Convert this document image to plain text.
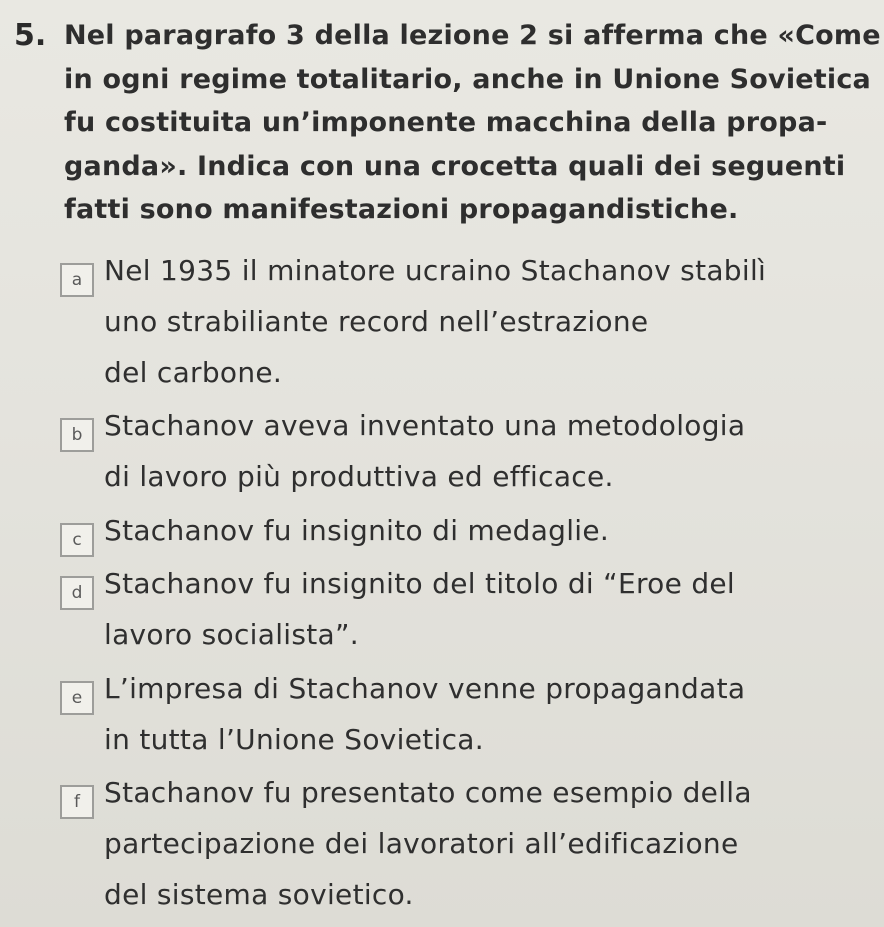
5. Nel paragrafo 3 della lezione 2 si afferma che «Come
in ogni regime totalitario, anche in Unione Sovietica
fu costituita un’imponente macchina della propa-
ganda». Indica con una crocetta quali dei seguenti
fatti sono manifestazioni propagandistiche.
a Nel 1935 il minatore ucraino Stachanov stabilì
uno strabiliante record nell’estrazione
del carbone.
b Stachanov aveva inventato una metodologia
di lavoro più produttiva ed efficace.
c Stachanov fu insignito di medaglie.
d Stachanov fu insignito del titolo di “Eroe del
lavoro socialista”.
e L’impresa di Stachanov venne propagandata
in tutta l’Unione Sovietica.
f Stachanov fu presentato come esempio della
partecipazione dei lavoratori all’edificazione
del sistema sovietico.
